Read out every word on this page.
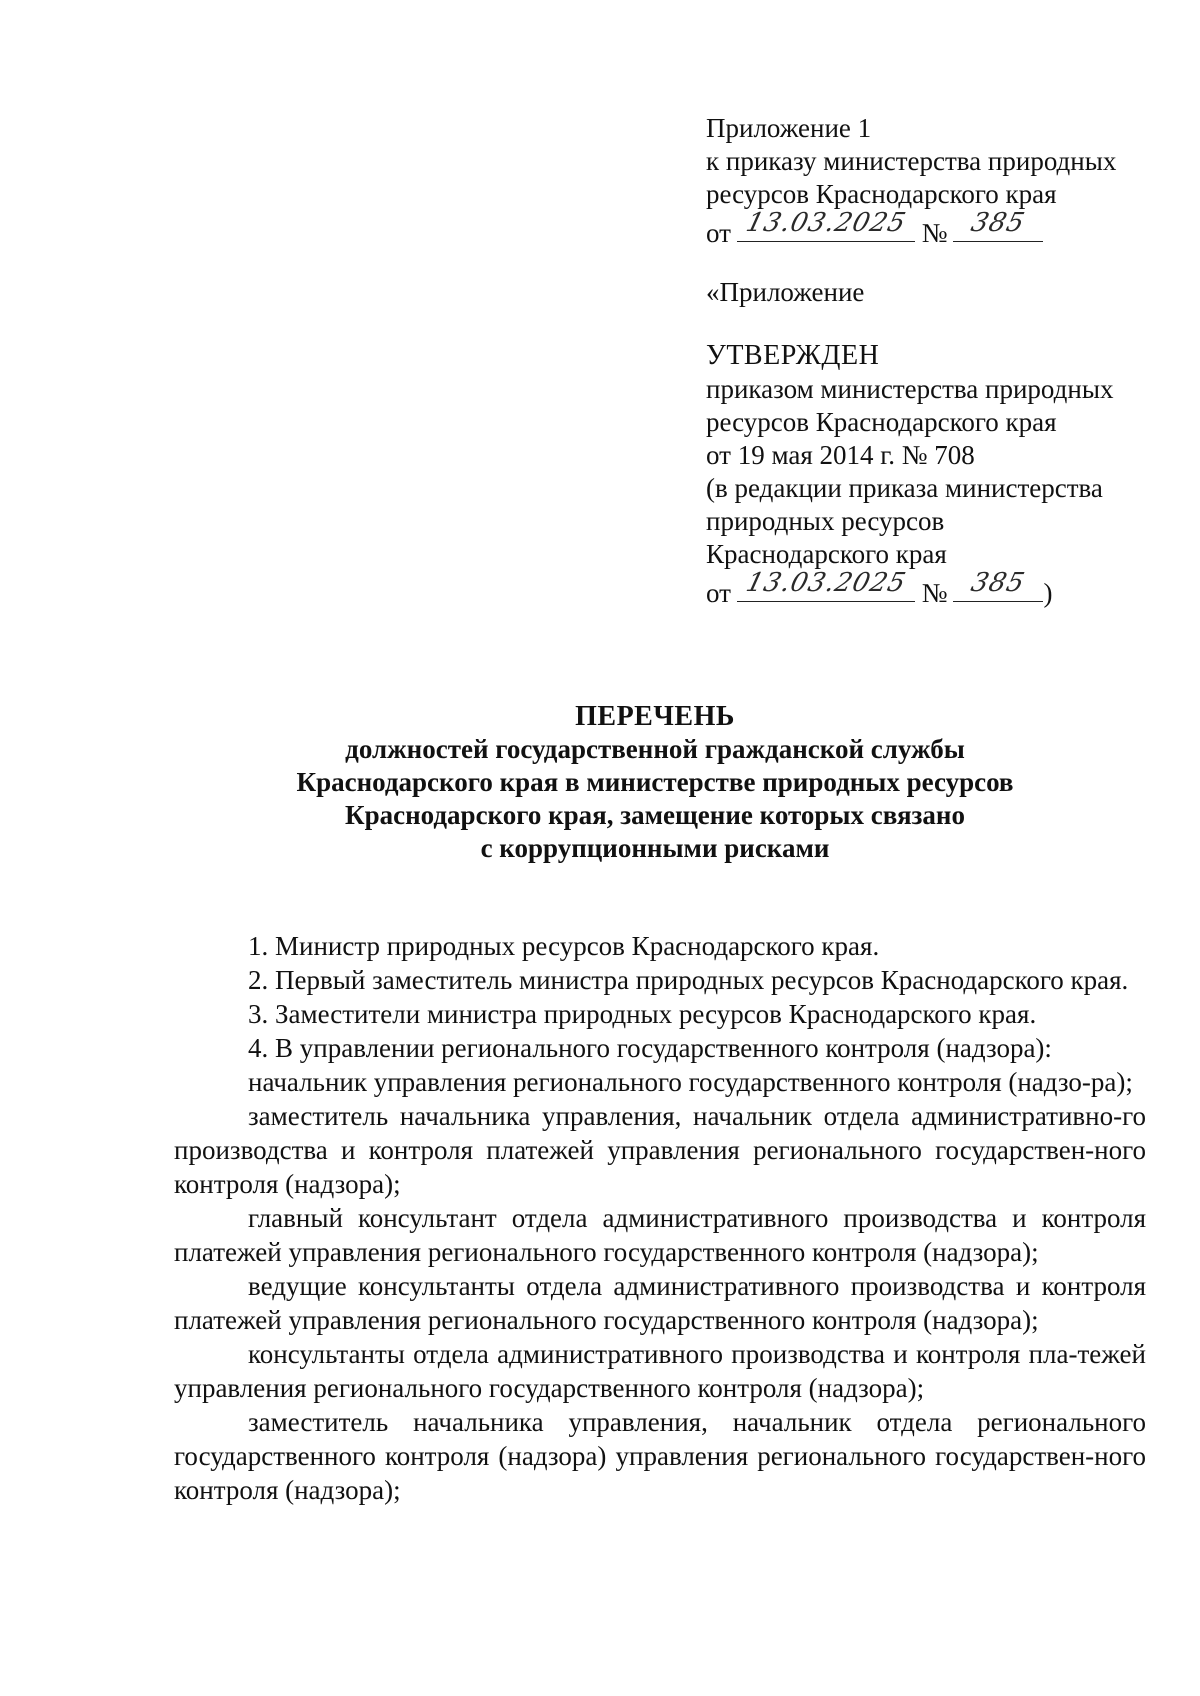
Приложение 1
к приказу министерства природных
ресурсов Краснодарского края
от 13.03.2025 № 385
«Приложение
УТВЕРЖДЕН
приказом министерства природных
ресурсов Краснодарского края
от 19 мая 2014 г. № 708
(в редакции приказа министерства
природных ресурсов
Краснодарского края
от 13.03.2025 № 385 )
ПЕРЕЧЕНЬ
должностей государственной гражданской службы
Краснодарского края в министерстве природных ресурсов
Краснодарского края, замещение которых связано
с коррупционными рисками

1. Министр природных ресурсов Краснодарского края.

2. Первый заместитель министра природных ресурсов Краснодарского края.

3. Заместители министра природных ресурсов Краснодарского края.

4. В управлении регионального государственного контроля (надзора):

начальник управления регионального государственного контроля (надзо-ра);

заместитель начальника управления, начальник отдела административно-го производства и контроля платежей управления регионального государствен-ного контроля (надзора);

главный консультант отдела административного производства и контроля платежей управления регионального государственного контроля (надзора);

ведущие консультанты отдела административного производства и контроля платежей управления регионального государственного контроля (надзора);

консультанты отдела административного производства и контроля пла-тежей управления регионального государственного контроля (надзора);

заместитель начальника управления, начальник отдела регионального государственного контроля (надзора) управления регионального государствен-ного контроля (надзора);
